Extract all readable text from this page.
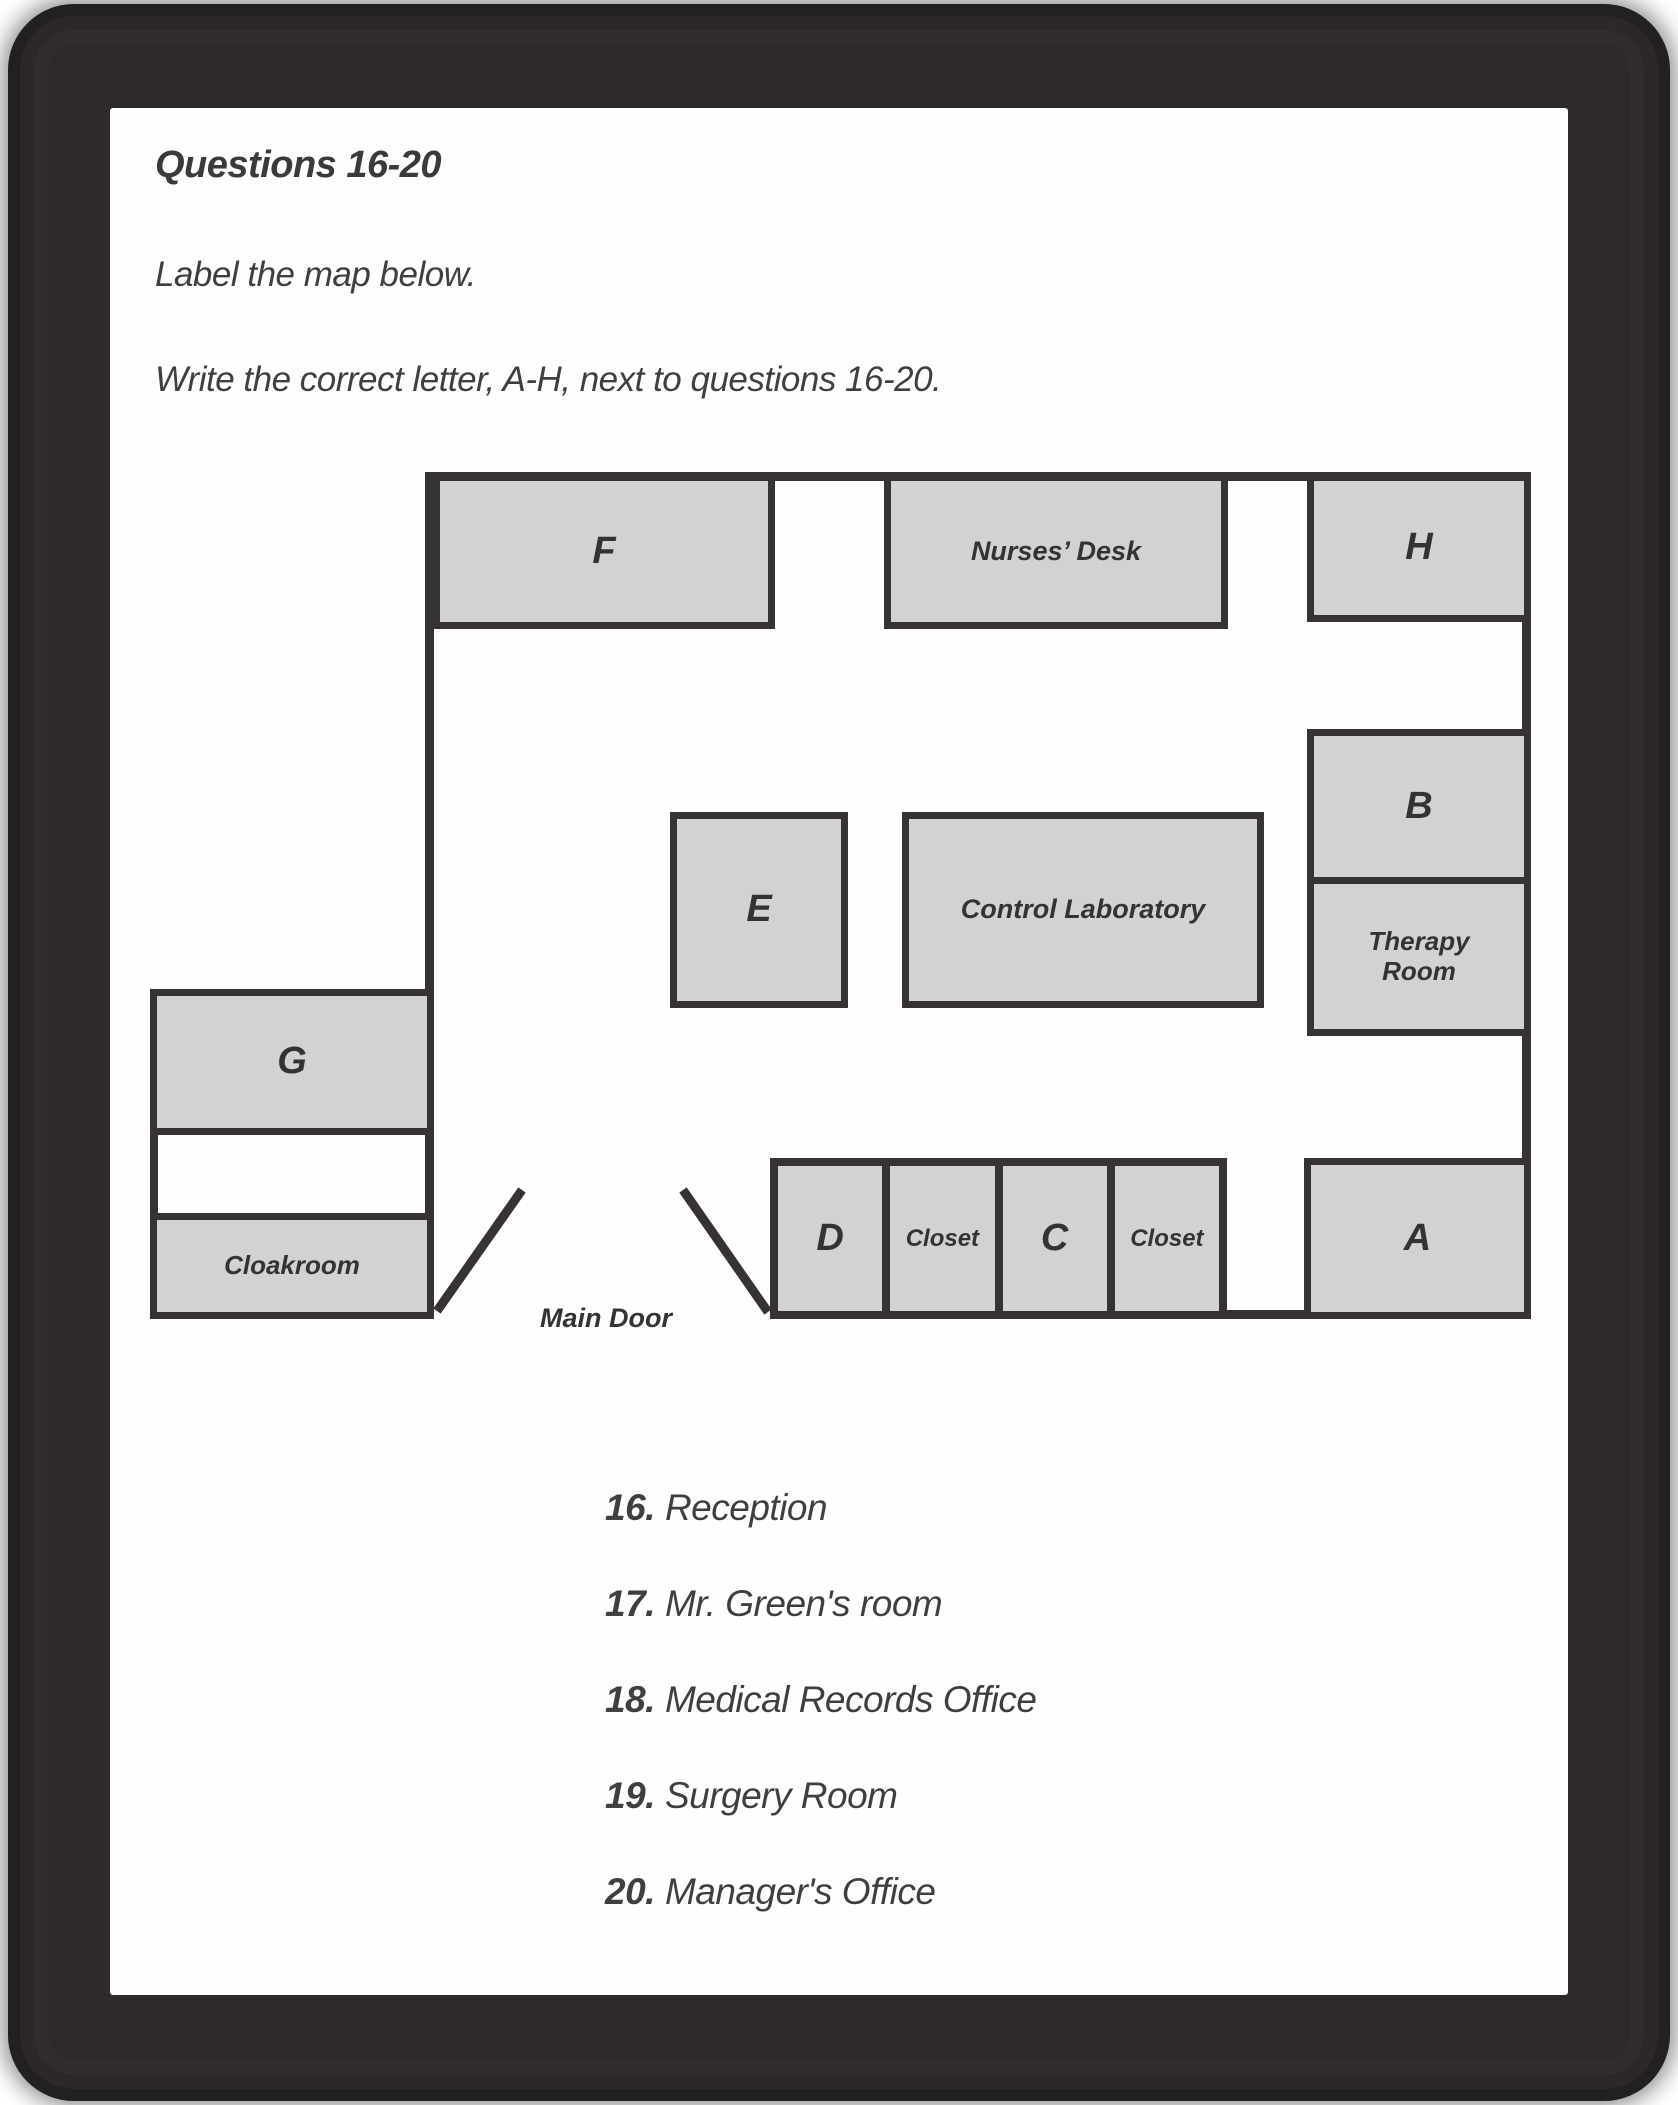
Questions 16-20
Label the map below.
Write the correct letter, A-H, next to questions 16-20.
F	Nurses’ Desk	H
B
Therapy Room
E	Control Laboratory
G
Cloakroom
A
D	Closet	C	Closet
Main Door
16. Reception
17. Mr. Green's room
18. Medical Records Office
19. Surgery Room
20. Manager's Office
